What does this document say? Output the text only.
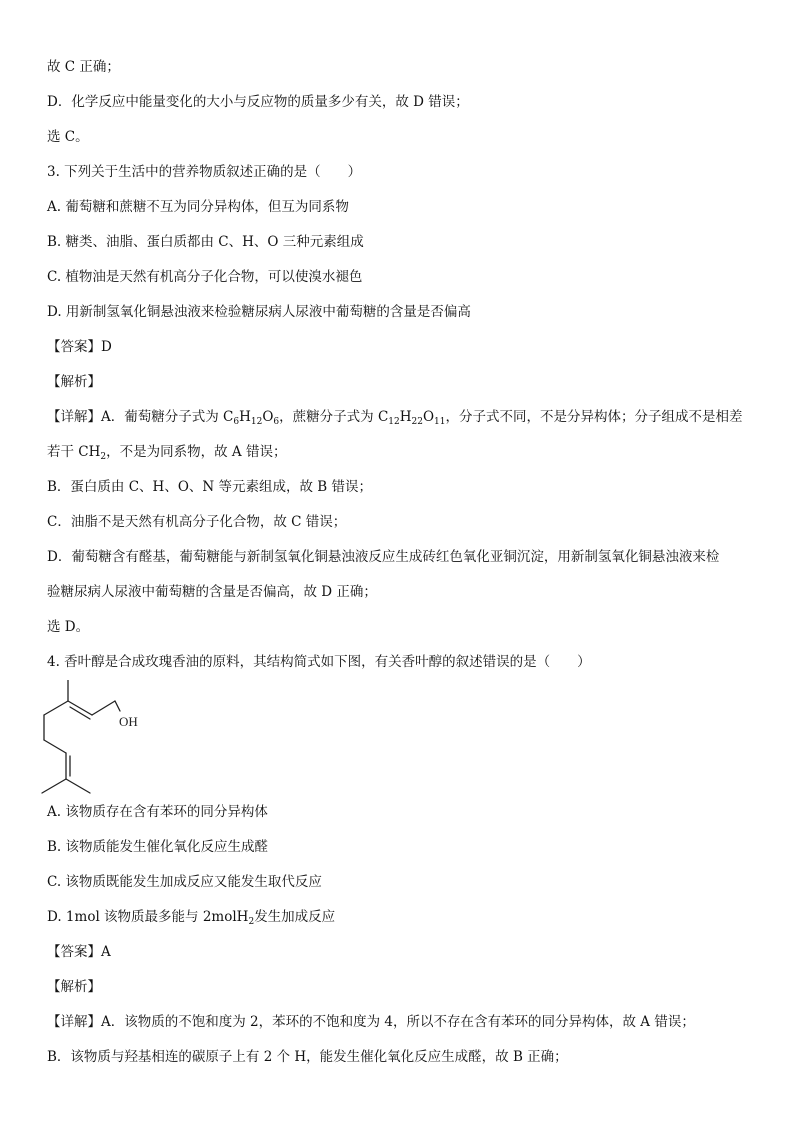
故 C 正确；
D．化学反应中能量变化的大小与反应物的质量多少有关，故 D 错误；
选 C。
3. 下列关于生活中的营养物质叙述正确的是（　　）
A. 葡萄糖和蔗糖不互为同分异构体，但互为同系物
B. 糖类、油脂、蛋白质都由 C、H、O 三种元素组成
C. 植物油是天然有机高分子化合物，可以使溴水褪色
D. 用新制氢氧化铜悬浊液来检验糖尿病人尿液中葡萄糖的含量是否偏高
【答案】D
【解析】
【详解】A．葡萄糖分子式为 $C_6H_{12}O_6$，蔗糖分子式为 $C_{12}H_{22}O_{11}$，分子式不同，不是分异构体；分子组成不是相差
若干 $CH_2$，不是为同系物，故 A 错误；
B．蛋白质由 C、H、O、N 等元素组成，故 B 错误；
C．油脂不是天然有机高分子化合物，故 C 错误；
D．葡萄糖含有醛基，葡萄糖能与新制氢氧化铜悬浊液反应生成砖红色氧化亚铜沉淀，用新制氢氧化铜悬浊液来检
验糖尿病人尿液中葡萄糖的含量是否偏高，故 D 正确；
选 D。
4. 香叶醇是合成玫瑰香油的原料，其结构简式如下图，有关香叶醇的叙述错误的是（　　）
OH
A. 该物质存在含有苯环的同分异构体
B. 该物质能发生催化氧化反应生成醛
C. 该物质既能发生加成反应又能发生取代反应
D. 1mol 该物质最多能与 2molH$_2$发生加成反应
【答案】A
【解析】
【详解】A．该物质的不饱和度为 2，苯环的不饱和度为 4，所以不存在含有苯环的同分异构体，故 A 错误；
B．该物质与羟基相连的碳原子上有 2 个 H，能发生催化氧化反应生成醛，故 B 正确；
